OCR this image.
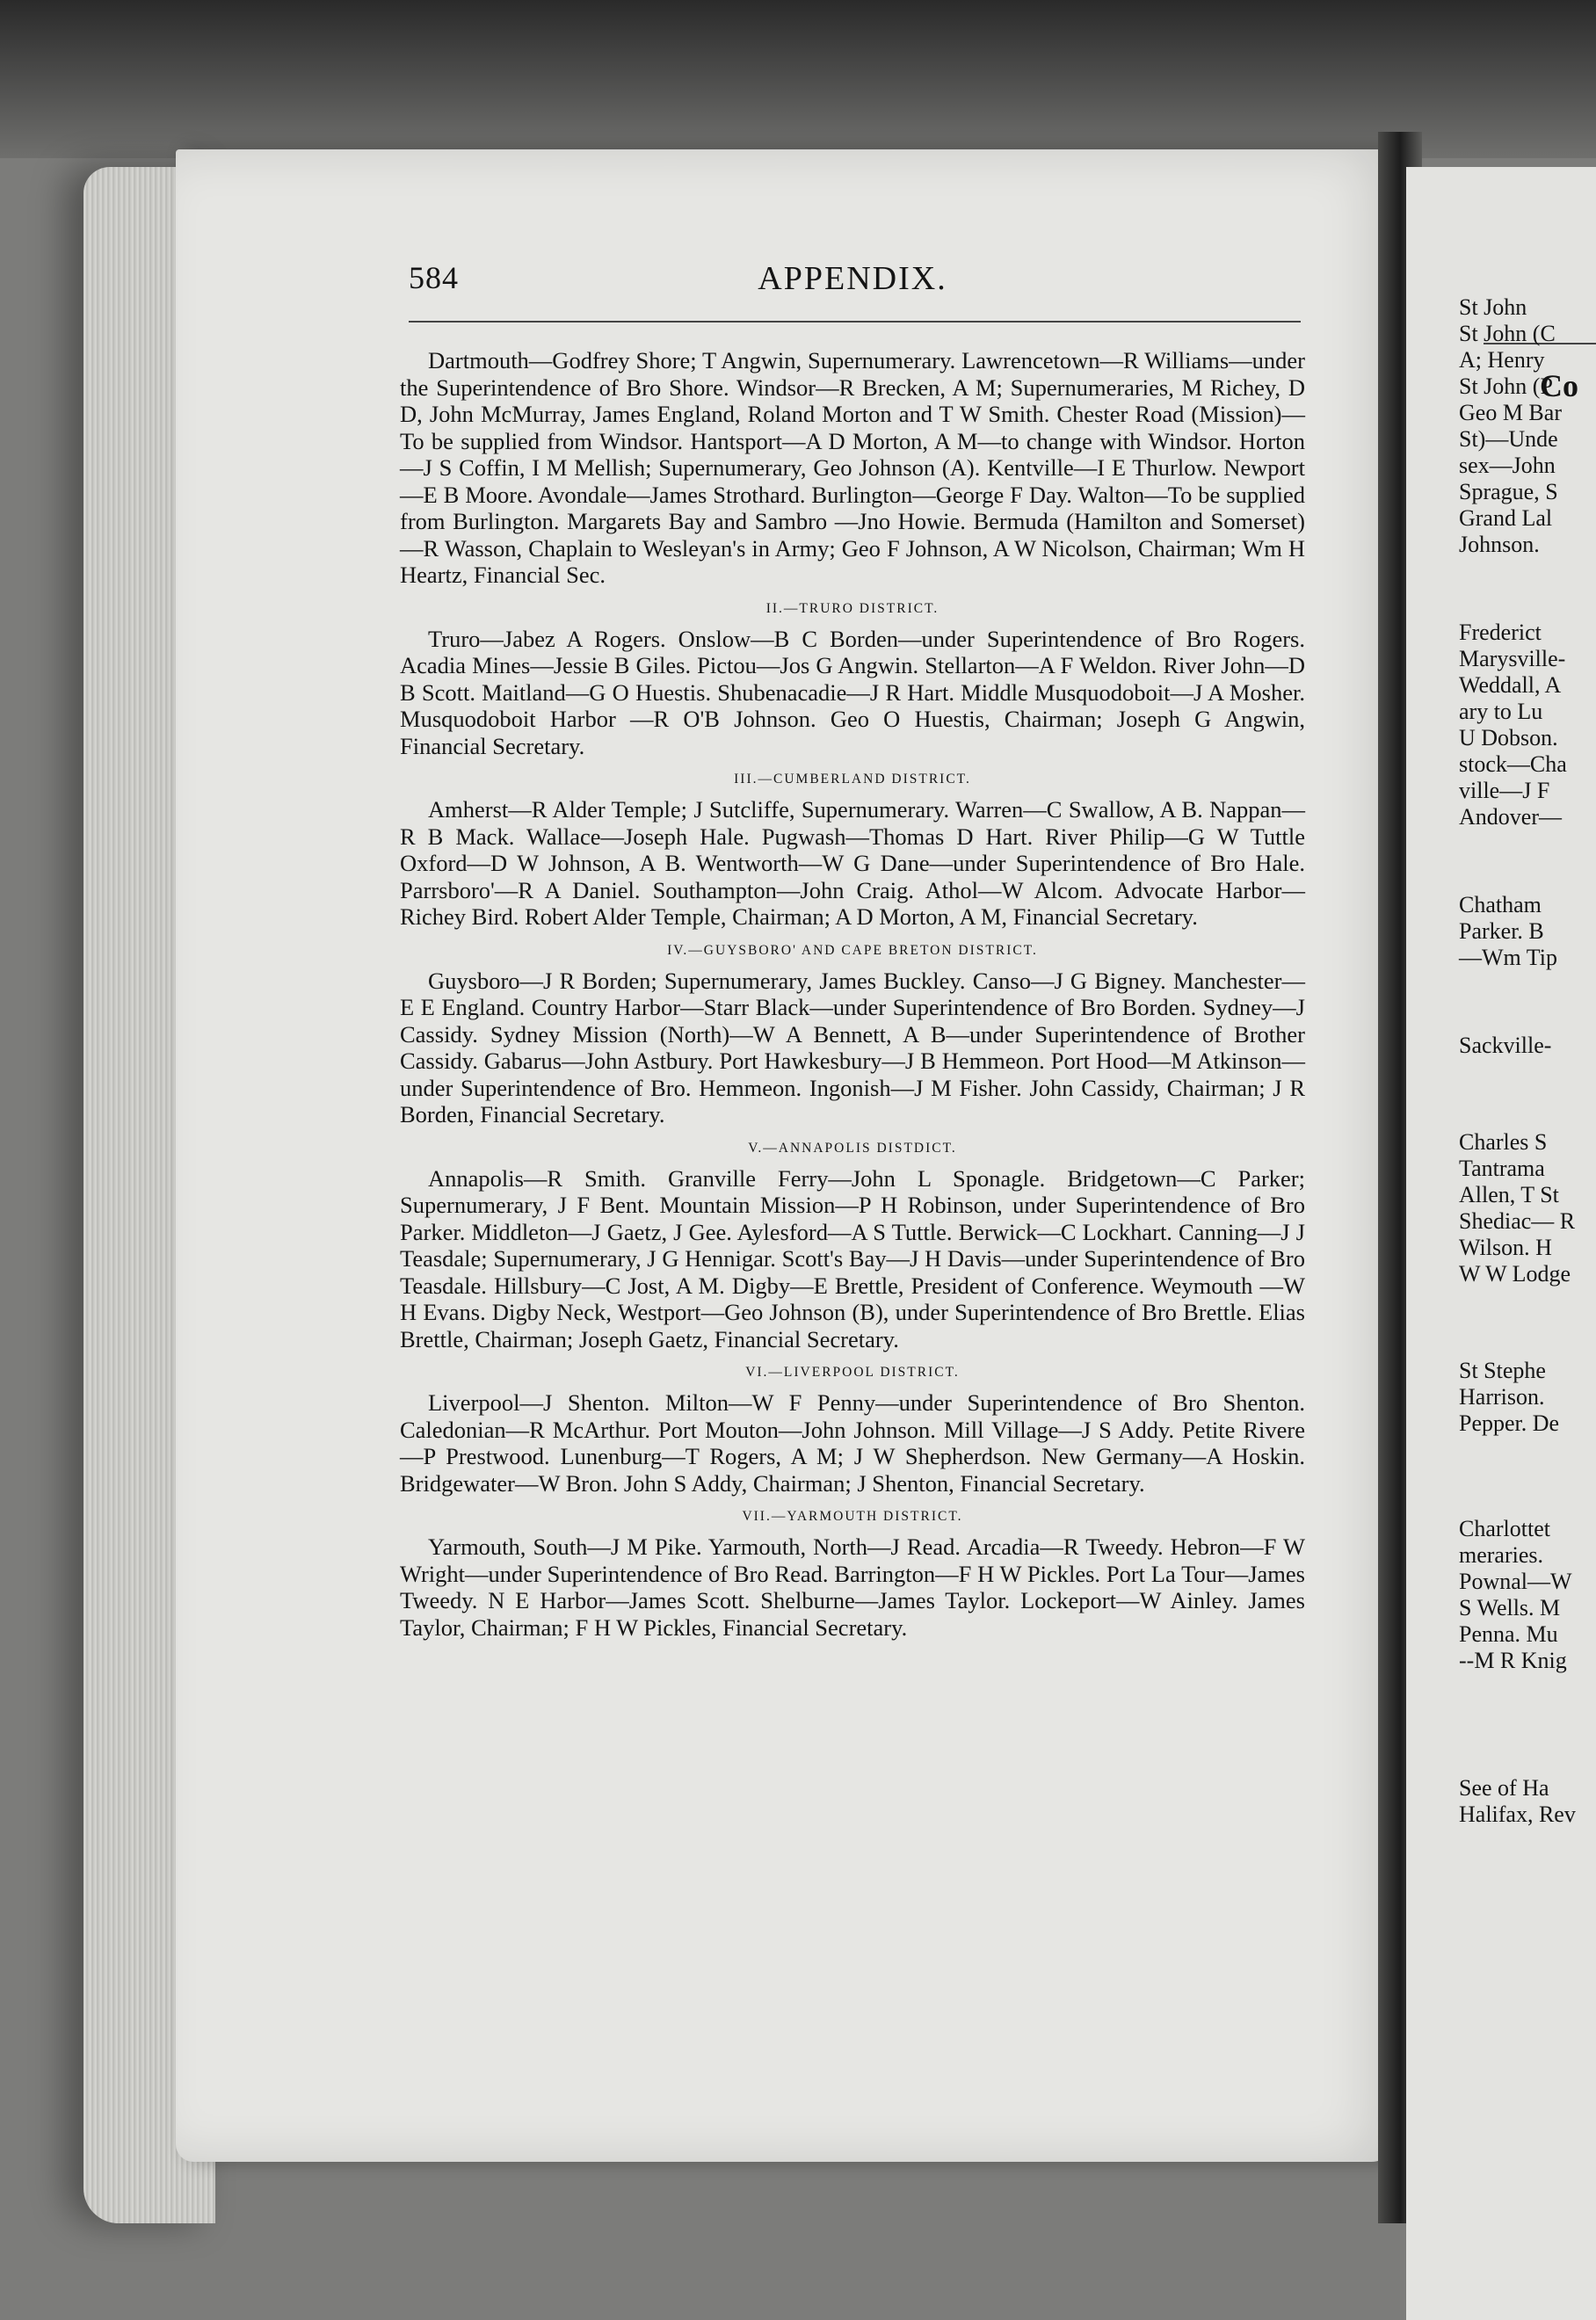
584	APPENDIX.

Dartmouth—Godfrey Shore; T Angwin, Supernumerary. Lawrencetown—R Williams—under the Superintendence of Bro Shore. Windsor—R Brecken, A M; Supernumeraries, M Richey, D D, John McMurray, James England, Roland Morton and T W Smith. Chester Road (Mission)—To be supplied from Windsor. Hantsport—A D Morton, A M—to change with Windsor. Horton—J S Coffin, I M Mellish; Supernumerary, Geo Johnson (A). Kentville—I E Thurlow. Newport—E B Moore. Avondale—James Strothard. Burlington—George F Day. Walton—To be supplied from Burlington. Margarets Bay and Sambro —Jno Howie. Bermuda (Hamilton and Somerset)—R Wasson, Chaplain to Wesleyan's in Army; Geo F Johnson, A W Nicolson, Chairman; Wm H Heartz, Financial Sec.

II.—TRURO DISTRICT.

Truro—Jabez A Rogers. Onslow—B C Borden—under Superintendence of Bro Rogers. Acadia Mines—Jessie B Giles. Pictou—Jos G Angwin. Stellarton—A F Weldon. River John—D B Scott. Maitland—G O Huestis. Shubenacadie—J R Hart. Middle Musquodoboit—J A Mosher. Musquodoboit Harbor —R O'B Johnson. Geo O Huestis, Chairman; Joseph G Angwin, Financial Secretary.

III.—CUMBERLAND DISTRICT.

Amherst—R Alder Temple; J Sutcliffe, Supernumerary. Warren—C Swallow, A B. Nappan—R B Mack. Wallace—Joseph Hale. Pugwash—Thomas D Hart. River Philip—G W Tuttle Oxford—D W Johnson, A B. Wentworth—W G Dane—under Superintendence of Bro Hale. Parrsboro'—R A Daniel. Southampton—John Craig. Athol—W Alcom. Advocate Harbor—Richey Bird. Robert Alder Temple, Chairman; A D Morton, A M, Financial Secretary.

IV.—GUYSBORO' AND CAPE BRETON DISTRICT.

Guysboro—J R Borden; Supernumerary, James Buckley. Canso—J G Bigney. Manchester—E E England. Country Harbor—Starr Black—under Superintendence of Bro Borden. Sydney—J Cassidy. Sydney Mission (North)—W A Bennett, A B—under Superintendence of Brother Cassidy. Gabarus—John Astbury. Port Hawkesbury—J B Hemmeon. Port Hood—M Atkinson—under Superintendence of Bro. Hemmeon. Ingonish—J M Fisher. John Cassidy, Chairman; J R Borden, Financial Secretary.

V.—ANNAPOLIS DISTDICT.

Annapolis—R Smith. Granville Ferry—John L Sponagle. Bridgetown—C Parker; Supernumerary, J F Bent. Mountain Mission—P H Robinson, under Superintendence of Bro Parker. Middleton—J Gaetz, J Gee. Aylesford—A S Tuttle. Berwick—C Lockhart. Canning—J J Teasdale; Supernumerary, J G Hennigar. Scott's Bay—J H Davis—under Superintendence of Bro Teasdale. Hillsbury—C Jost, A M. Digby—E Brettle, President of Conference. Weymouth —W H Evans. Digby Neck, Westport—Geo Johnson (B), under Superintendence of Bro Brettle. Elias Brettle, Chairman; Joseph Gaetz, Financial Secretary.

VI.—LIVERPOOL DISTRICT.

Liverpool—J Shenton. Milton—W F Penny—under Superintendence of Bro Shenton. Caledonian—R McArthur. Port Mouton—John Johnson. Mill Village—J S Addy. Petite Rivere—P Prestwood. Lunenburg—T Rogers, A M; J W Shepherdson. New Germany—A Hoskin. Bridgewater—W Bron. John S Addy, Chairman; J Shenton, Financial Secretary.

VII.—YARMOUTH DISTRICT.

Yarmouth, South—J M Pike. Yarmouth, North—J Read. Arcadia—R Tweedy. Hebron—F W Wright—under Superintendence of Bro Read. Barrington—F H W Pickles. Port La Tour—James Tweedy. N E Harbor—James Scott. Shelburne—James Taylor. Lockeport—W Ainley. James Taylor, Chairman; F H W Pickles, Financial Secretary.

Co
St John
St John (C
A; Henry
St John (P
Geo M Bar
St)—Unde
sex—John
Sprague, S
Grand Lal
Johnson.
Frederict
Marysville-
Weddall, A
ary to Lu
U Dobson.
stock—Cha
ville—J F
Andover—
Chatham
Parker. B
—Wm Tip
Sackville-
Charles S
Tantrama
Allen, T St
Shediac— R
Wilson. H
W W Lodge
St Stephe
Harrison.
Pepper. De
Charlottet
meraries.
Pownal—W
S Wells. M
Penna. Mu
--M R Knig
See of Ha
Halifax, Rev
